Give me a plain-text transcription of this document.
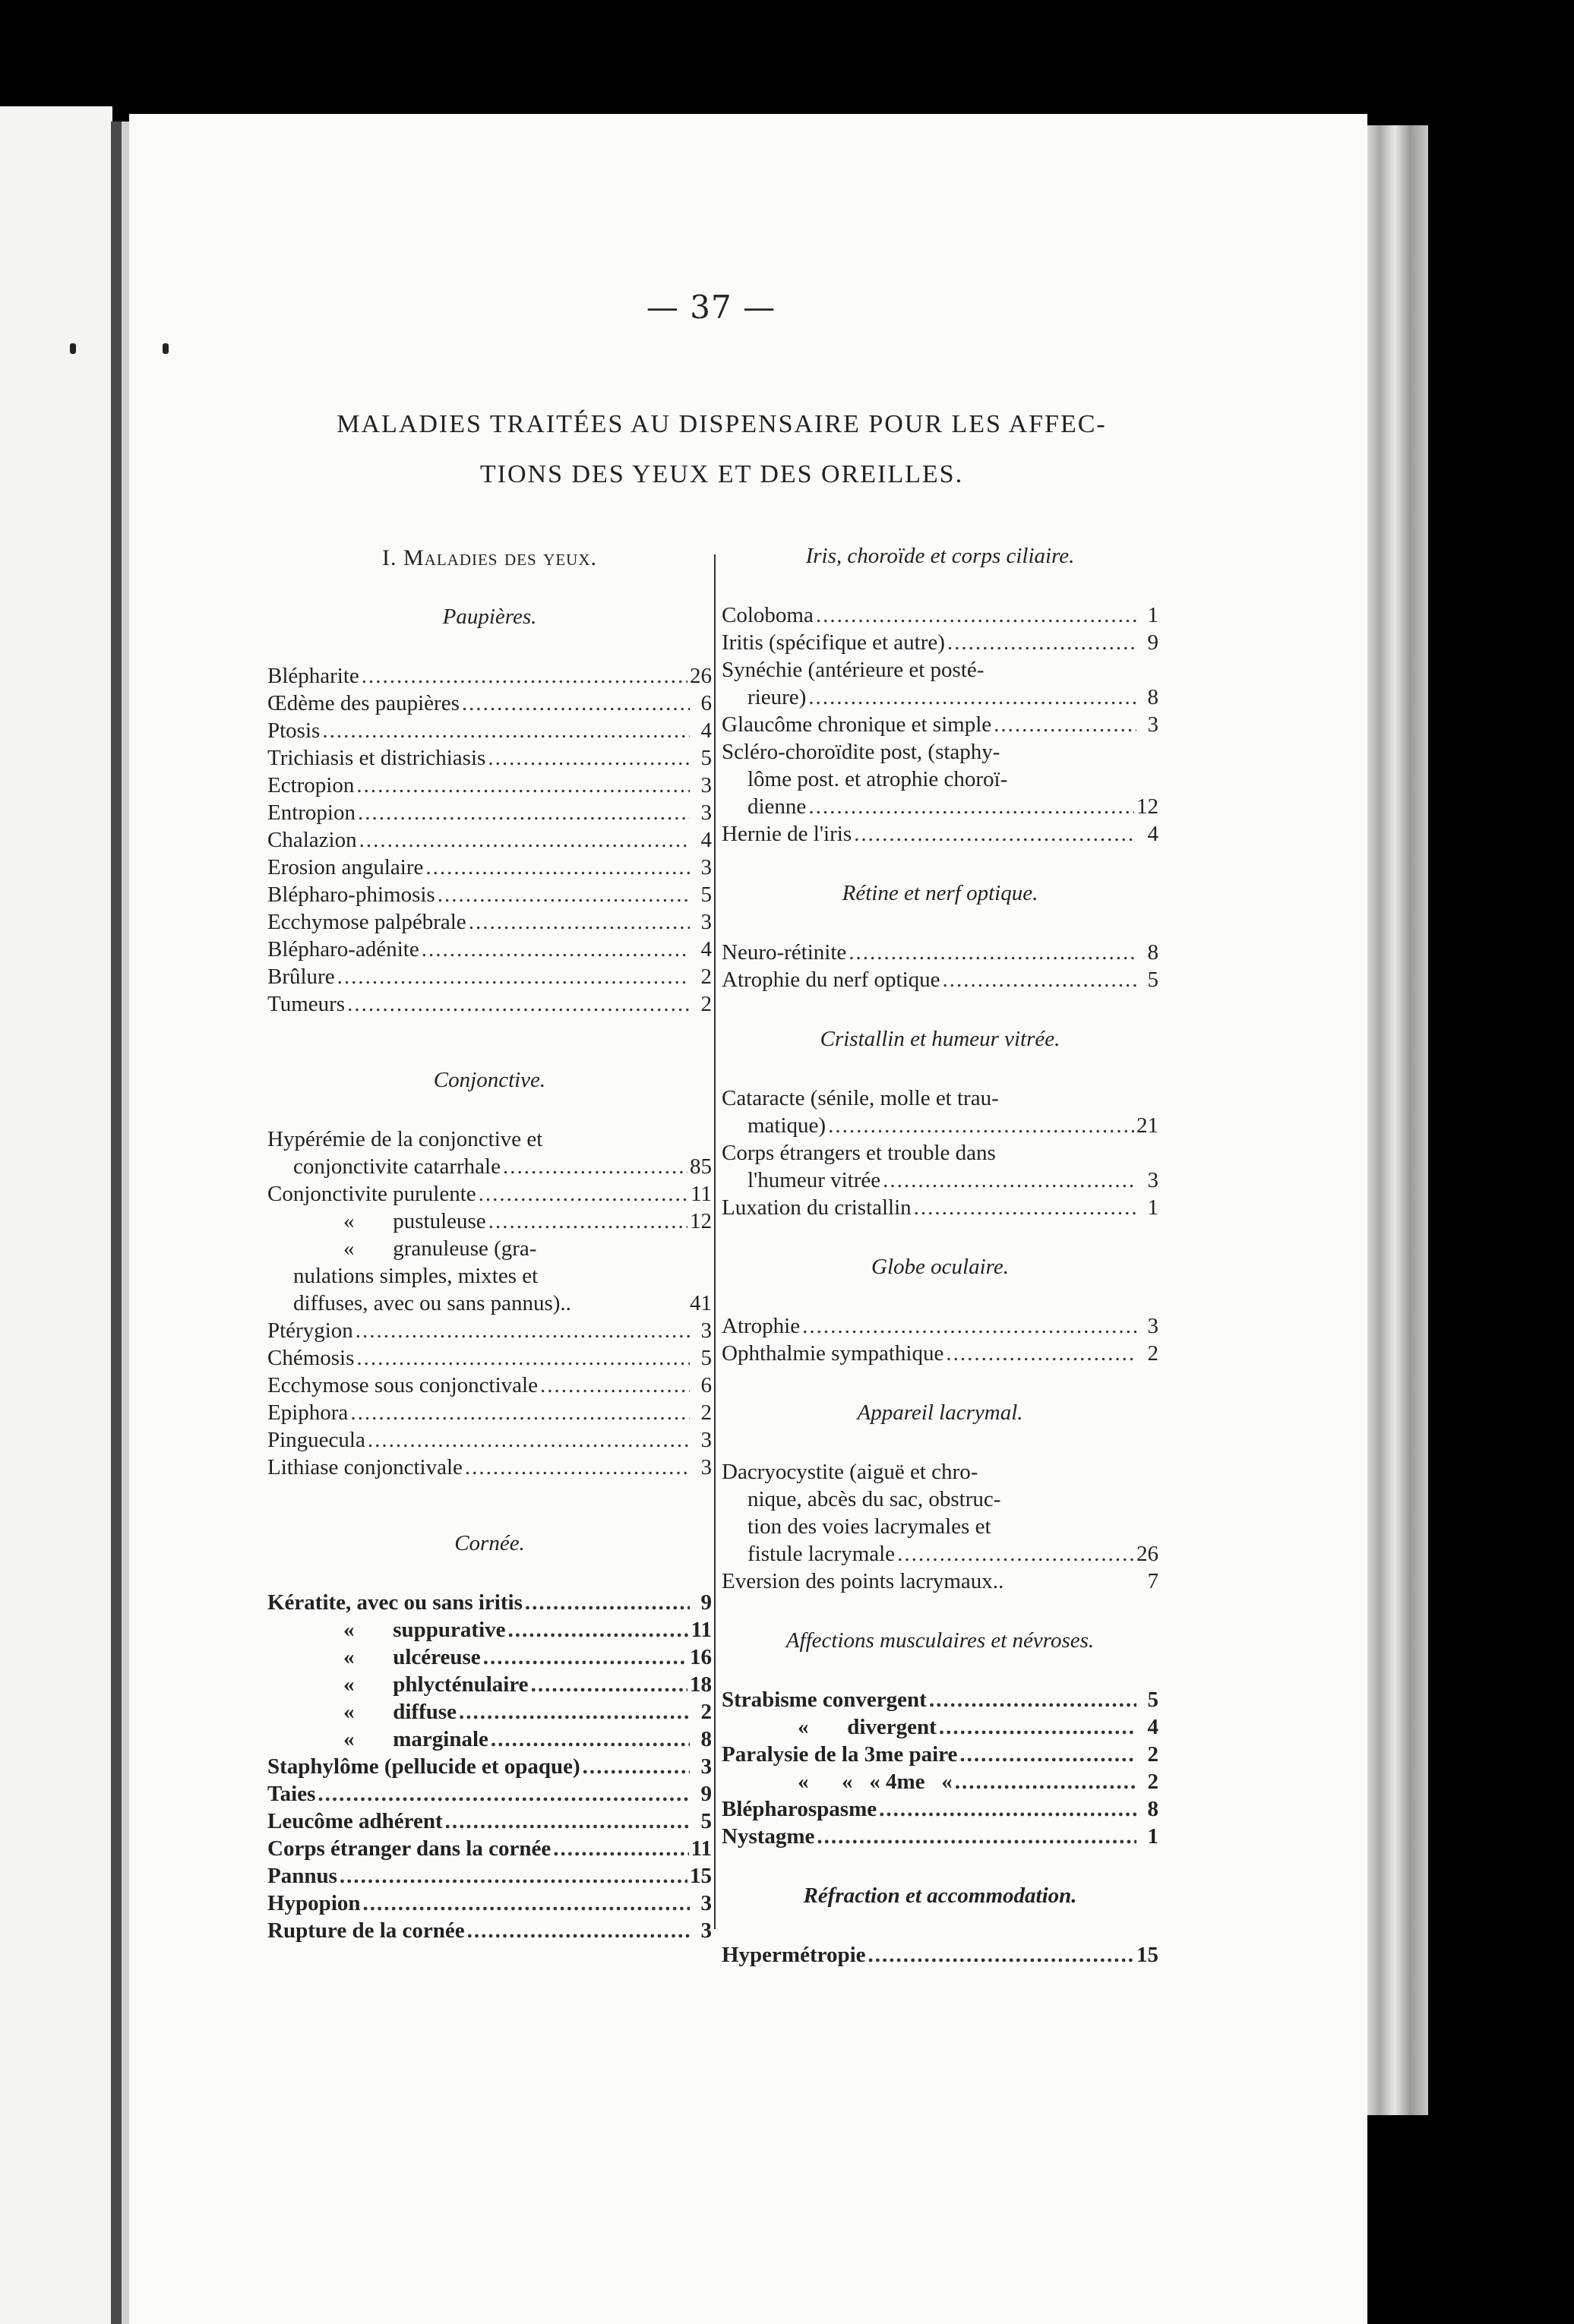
— 37 —
MALADIES TRAITÉES AU DISPENSAIRE POUR LES AFFEC-
TIONS DES YEUX ET DES OREILLES.
I. Maladies des yeux.
Paupières.
Blépharite .....	26
Œdème des paupières .....	6
Ptosis .....	4
Trichiasis et districhiasis .....	5
Ectropion .....	3
Entropion .....	3
Chalazion .....	4
Erosion angulaire .....	3
Blépharo-phimosis .....	5
Ecchymose palpébrale .....	3
Blépharo-adénite .....	4
Brûlure .....	2
Tumeurs .....	2
Conjonctive.
Hypérémie de la conjonctive et
conjonctivite catarrhale .....	85
Conjonctivite purulente .....	11
«       pustuleuse .....	12
«       granuleuse (gra-
nulations simples, mixtes et
diffuses, avec ou sans pannus)..	41
Ptérygion .....	3
Chémosis .....	5
Ecchymose sous conjonctivale .....	6
Epiphora .....	2
Pinguecula .....	3
Lithiase conjonctivale .....	3
Cornée.
Kératite, avec ou sans iritis .....	9
«       suppurative .....	11
«       ulcéreuse .....	16
«       phlycténulaire .....	18
«       diffuse .....	2
«       marginale .....	8
Staphylôme (pellucide et opaque) .....	3
Taies .....	9
Leucôme adhérent .....	5
Corps étranger dans la cornée .....	11
Pannus .....	15
Hypopion .....	3
Rupture de la cornée .....	3
Iris, choroïde et corps ciliaire.
Coloboma .....	1
Iritis (spécifique et autre) .....	9
Synéchie (antérieure et posté-
rieure) .....	8
Glaucôme chronique et simple .....	3
Scléro-choroïdite post, (staphy-
lôme post. et atrophie choroï-
dienne .....	12
Hernie de l'iris .....	4
Rétine et nerf optique.
Neuro-rétinite .....	8
Atrophie du nerf optique .....	5
Cristallin et humeur vitrée.
Cataracte (sénile, molle et trau-
matique) .....	21
Corps étrangers et trouble dans
l'humeur vitrée .....	3
Luxation du cristallin .....	1
Globe oculaire.
Atrophie .....	3
Ophthalmie sympathique .....	2
Appareil lacrymal.
Dacryocystite (aiguë et chro-
nique, abcès du sac, obstruc-
tion des voies lacrymales et
fistule lacrymale .....	26
Eversion des points lacrymaux..	7
Affections musculaires et névroses.
Strabisme convergent .....	5
«       divergent .....	4
Paralysie de la 3me paire .....	2
«      «   « 4me   « .....	2
Blépharospasme .....	8
Nystagme .....	1
Réfraction et accommodation.
Hypermétropie .....	15
